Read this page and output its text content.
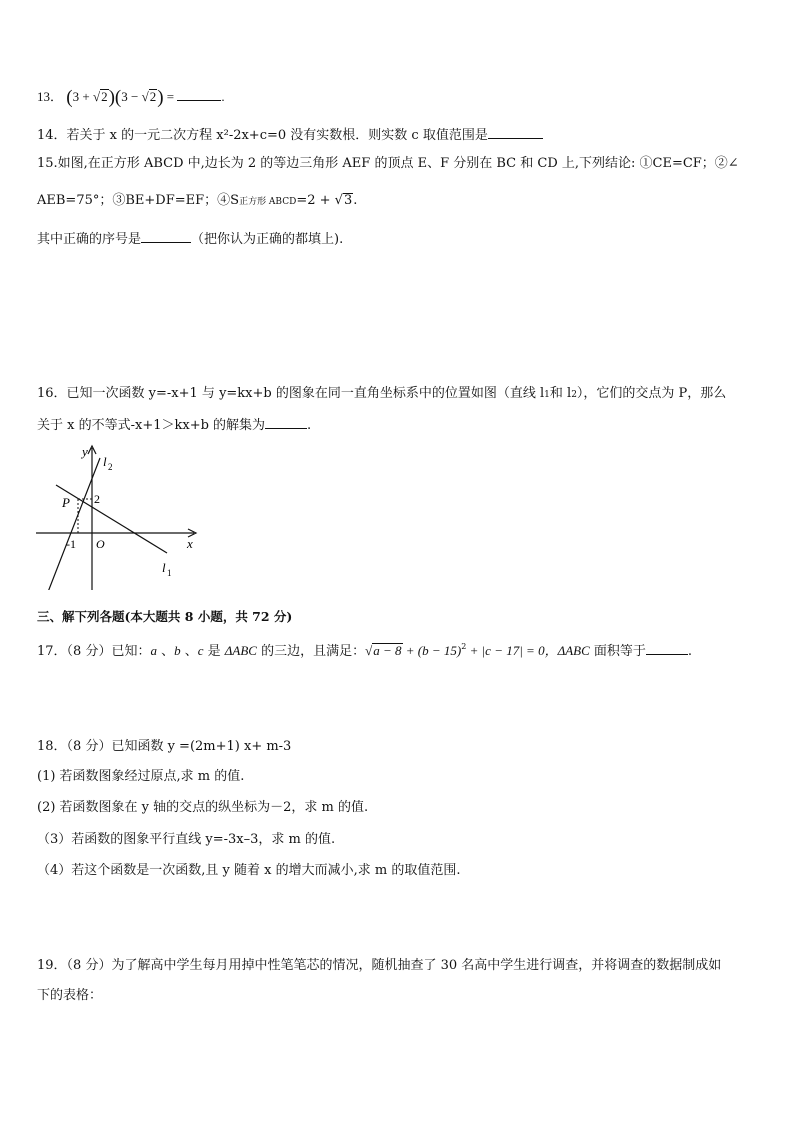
13． (3 + √2)(3 − √2) =	.
14．若关于 x 的一元二次方程 x²-2x+c=0 没有实数根．则实数 c 取值范围是
15.如图,在正方形 ABCD 中,边长为 2 的等边三角形 AEF 的顶点 E、F 分别在 BC 和 CD 上,下列结论: ①CE=CF；②∠
AEB=75°；③BE+DF=EF；④S正方形 ABCD=2 + √3.
其中正确的序号是	（把你认为正确的都填上).
16．已知一次函数 y=-x+1 与 y=kx+b 的图象在同一直角坐标系中的位置如图（直线 l1和 l2），它们的交点为 P，那么
关于 x 的不等式-x+1＞kx+b 的解集为	.
y
x
l 2
l 1
P 2
-1 O
三、解下列各题(本大题共 8 小题，共 72 分)
17．（8 分）已知：a 、b 、c 是 ΔABC 的三边，且满足：$√a - 8 + (b - 15)^2 + |c - 17| = 0$，ΔABC 面积等于	.
18．（8 分）已知函数 y =(2m+1) x+ m-3
(1) 若函数图象经过原点,求 m 的值.
(2) 若函数图象在 y 轴的交点的纵坐标为－2，求 m 的值.
（3）若函数的图象平行直线 y=-3x–3，求 m 的值.
（4）若这个函数是一次函数,且 y 随着 x 的增大而减小,求 m 的取值范围.
19．（8 分）为了解高中学生每月用掉中性笔笔芯的情况，随机抽查了 30 名高中学生进行调查，并将调查的数据制成如
下的表格：
